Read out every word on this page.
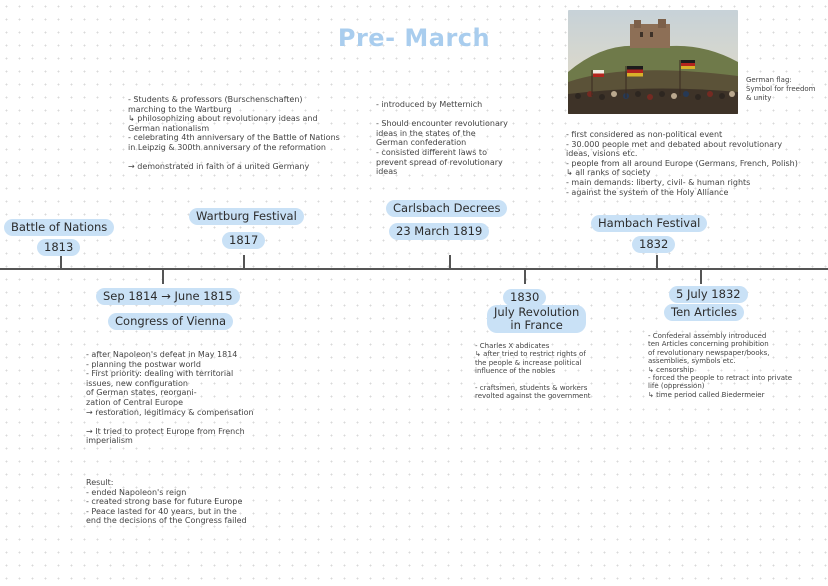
Pre- March
Battle of Nations
1813
- Students & professors (Burschenschaften)
marching to the Wartburg
↳ philosophizing about revolutionary ideas and
German nationalism
- celebrating 4th anniversary of the Battle of Nations
in Leipzig & 300th anniversary of the reformation

→ demonstrated in faith of a united Germany
Wartburg Festival
1817
Sep 1814 → June 1815
Congress of Vienna
- after Napoleon's defeat in May 1814
- planning the postwar world
- First priority: dealing with territorial
issues, new configuration
of German states, reorgani-
zation of Central Europe
→ restoration, legitimacy & compensation

→ It tried to protect Europe from French
imperialism
Result:
- ended Napoleon's reign
- created strong base for future Europe
- Peace lasted for 40 years, but in the
end the decisions of the Congress failed
- introduced by Metternich

- Should encounter revolutionary
ideas in the states of the
German confederation
- consisted different laws to
prevent spread of revolutionary
ideas
Carlsbach Decrees
23 March 1819
1830
July Revolution
in France
- Charles X abdicates
↳ after tried to restrict rights of
the people & increase political
influence of the nobles

- craftsmen, students & workers
revolted against the government
German flag:
Symbol for freedom
& unity
- first considered as non-political event
- 30.000 people met and debated about revolutionary
ideas, visions etc.
- people from all around Europe (Germans, French, Polish)
↳ all ranks of society
- main demands: liberty, civil- & human rights
- against the system of the Holy Alliance
Hambach Festival
1832
5 July 1832
Ten Articles
- Confederal assembly introduced
ten Articles concerning prohibition
of revolutionary newspaper/books,
assemblies, symbols etc.
↳ censorship
- forced the people to retract into private
life (oppression)
↳ time period called Biedermeier
